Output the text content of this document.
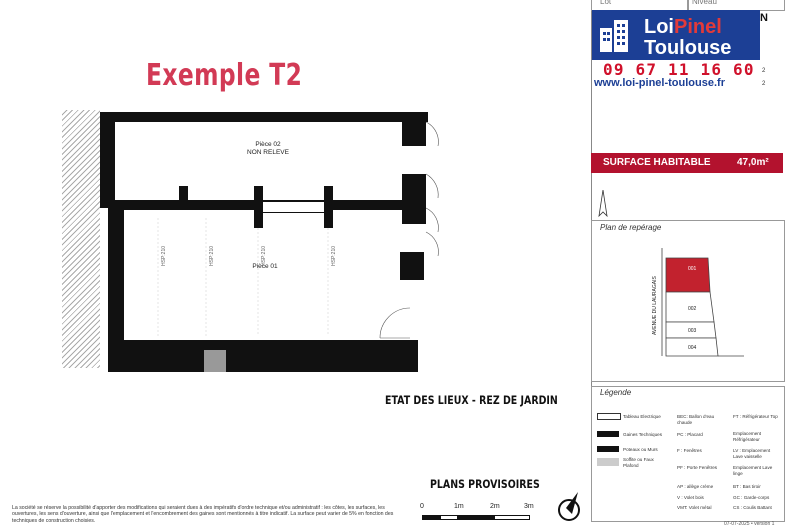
Exemple T2
Pièce 02
NON RELEVE
Pièce 01
HSP:210	HSP:210	HSP:210	HSP:210
Lot	Niveau
N
LoiPinel
Toulouse
09 67 11 16 60
www.loi-pinel-toulouse.fr
2
2
SURFACE HABITABLE	47,0m²
Plan de repérage
AVENUE DU LAURAGAIS
001
002
003
004
Légende
Tableau Electrique
Gaines Techniques
Poteaux ou Murs
Soffite ou Faux Plafond
BEC: Ballon d'eau chaude
PC : Placard
F : Fenêtres
PF : Porte Fenêtres
AP : allège crème
V : Volet bois
VMT: Volet métal
FT : Réfrigérateur Top
Emplacement Réfrigérateur
LV : Emplacement Lave vaisselle
Emplacement Lave linge
BT : Bas tiroir
GC : Garde-corps
CS : Coulis Battant
07-07-2025 • version 1
ETAT DES LIEUX - REZ DE JARDIN
PLANS PROVISOIRES
0	1m	2m	3m
La société se réserve la possibilité d'apporter des modifications qui seraient dues à des impératifs d'ordre technique et/ou administratif : les côtes, les surfaces, les ouvertures, les sens d'ouverture, ainsi que l'emplacement et l'encombrement des gaines sont mentionnés à titre indicatif. La surface peut varier de 5% en fonction des techniques de construction choisies.
